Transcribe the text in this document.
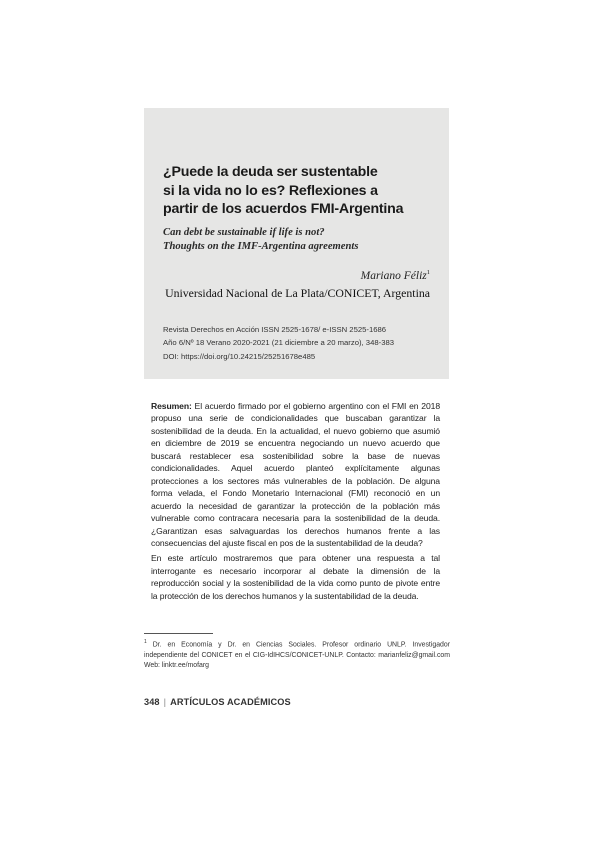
¿Puede la deuda ser sustentable
si la vida no lo es? Reflexiones a
partir de los acuerdos FMI-Argentina
Can debt be sustainable if life is not?
Thoughts on the IMF-Argentina agreements
Mariano Féliz$^1$
Universidad Nacional de La Plata/CONICET, Argentina
Revista Derechos en Acción ISSN 2525-1678/ e-ISSN 2525-1686
Año 6/Nº 18 Verano 2020-2021 (21 diciembre a 20 marzo), 348-383
DOI: https://doi.org/10.24215/25251678e485

Resumen: El acuerdo firmado por el gobierno argentino con el FMI en 2018 propuso una serie de condicionalidades que buscaban garantizar la sostenibilidad de la deuda. En la actualidad, el nuevo gobierno que asumió en diciembre de 2019 se encuentra negociando un nuevo acuerdo que buscará restablecer esa sostenibilidad sobre la base de nuevas condicionalidades. Aquel acuerdo planteó explícitamente algunas protecciones a los sectores más vulnerables de la población. De alguna forma velada, el Fondo Monetario Internacional (FMI) reconoció en un acuerdo la necesidad de garantizar la protección de la población más vulnerable como contracara necesaria para la sostenibilidad de la deuda. ¿Garantizan esas salvaguardas los derechos humanos frente a las consecuencias del ajuste fiscal en pos de la sustentabilidad de la deuda?

En este artículo mostraremos que para obtener una respuesta a tal interrogante es necesario incorporar al debate la dimensión de la reproducción social y la sostenibilidad de la vida como punto de pivote entre la protección de los derechos humanos y la sustentabilidad de la deuda.

$^1$ Dr. en Economía y Dr. en Ciencias Sociales. Profesor ordinario UNLP. Investigador independiente del CONICET en el CIG-IdIHCS/CONICET-UNLP. Contacto: marianfeliz@gmail.com Web: linktr.ee/mofarg
348 | ARTÍCULOS ACADÉMICOS
